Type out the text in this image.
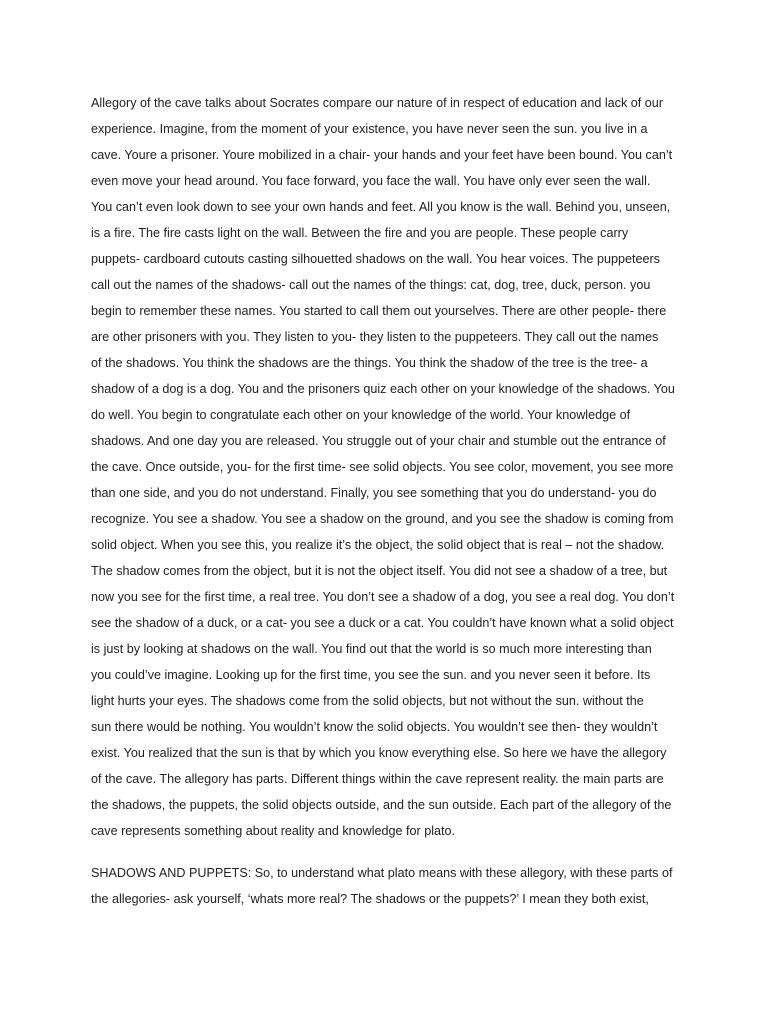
Allegory of the cave talks about Socrates compare our nature of in respect of education and lack of our
experience. Imagine, from the moment of your existence, you have never seen the sun. you live in a
cave. Youre a prisoner. Youre mobilized in a chair- your hands and your feet have been bound. You can’t
even move your head around. You face forward, you face the wall. You have only ever seen the wall.
You can’t even look down to see your own hands and feet. All you know is the wall. Behind you, unseen,
is a fire. The fire casts light on the wall. Between the fire and you are people. These people carry
puppets- cardboard cutouts casting silhouetted shadows on the wall. You hear voices. The puppeteers
call out the names of the shadows- call out the names of the things: cat, dog, tree, duck, person. you
begin to remember these names. You started to call them out yourselves. There are other people- there
are other prisoners with you. They listen to you- they listen to the puppeteers. They call out the names
of the shadows. You think the shadows are the things. You think the shadow of the tree is the tree- a
shadow of a dog is a dog. You and the prisoners quiz each other on your knowledge of the shadows. You
do well. You begin to congratulate each other on your knowledge of the world. Your knowledge of
shadows. And one day you are released. You struggle out of your chair and stumble out the entrance of
the cave. Once outside, you- for the first time- see solid objects. You see color, movement, you see more
than one side, and you do not understand. Finally, you see something that you do understand- you do
recognize. You see a shadow. You see a shadow on the ground, and you see the shadow is coming from
solid object. When you see this, you realize it’s the object, the solid object that is real – not the shadow.
The shadow comes from the object, but it is not the object itself. You did not see a shadow of a tree, but
now you see for the first time, a real tree. You don’t see a shadow of a dog, you see a real dog. You don’t
see the shadow of a duck, or a cat- you see a duck or a cat. You couldn’t have known what a solid object
is just by looking at shadows on the wall. You find out that the world is so much more interesting than
you could’ve imagine. Looking up for the first time, you see the sun. and you never seen it before. Its
light hurts your eyes. The shadows come from the solid objects, but not without the sun. without the
sun there would be nothing. You wouldn’t know the solid objects. You wouldn’t see then- they wouldn’t
exist. You realized that the sun is that by which you know everything else. So here we have the allegory
of the cave. The allegory has parts. Different things within the cave represent reality. the main parts are
the shadows, the puppets, the solid objects outside, and the sun outside. Each part of the allegory of the
cave represents something about reality and knowledge for plato.
SHADOWS AND PUPPETS: So, to understand what plato means with these allegory, with these parts of
the allegories- ask yourself, ‘whats more real? The shadows or the puppets?’ I mean they both exist,
